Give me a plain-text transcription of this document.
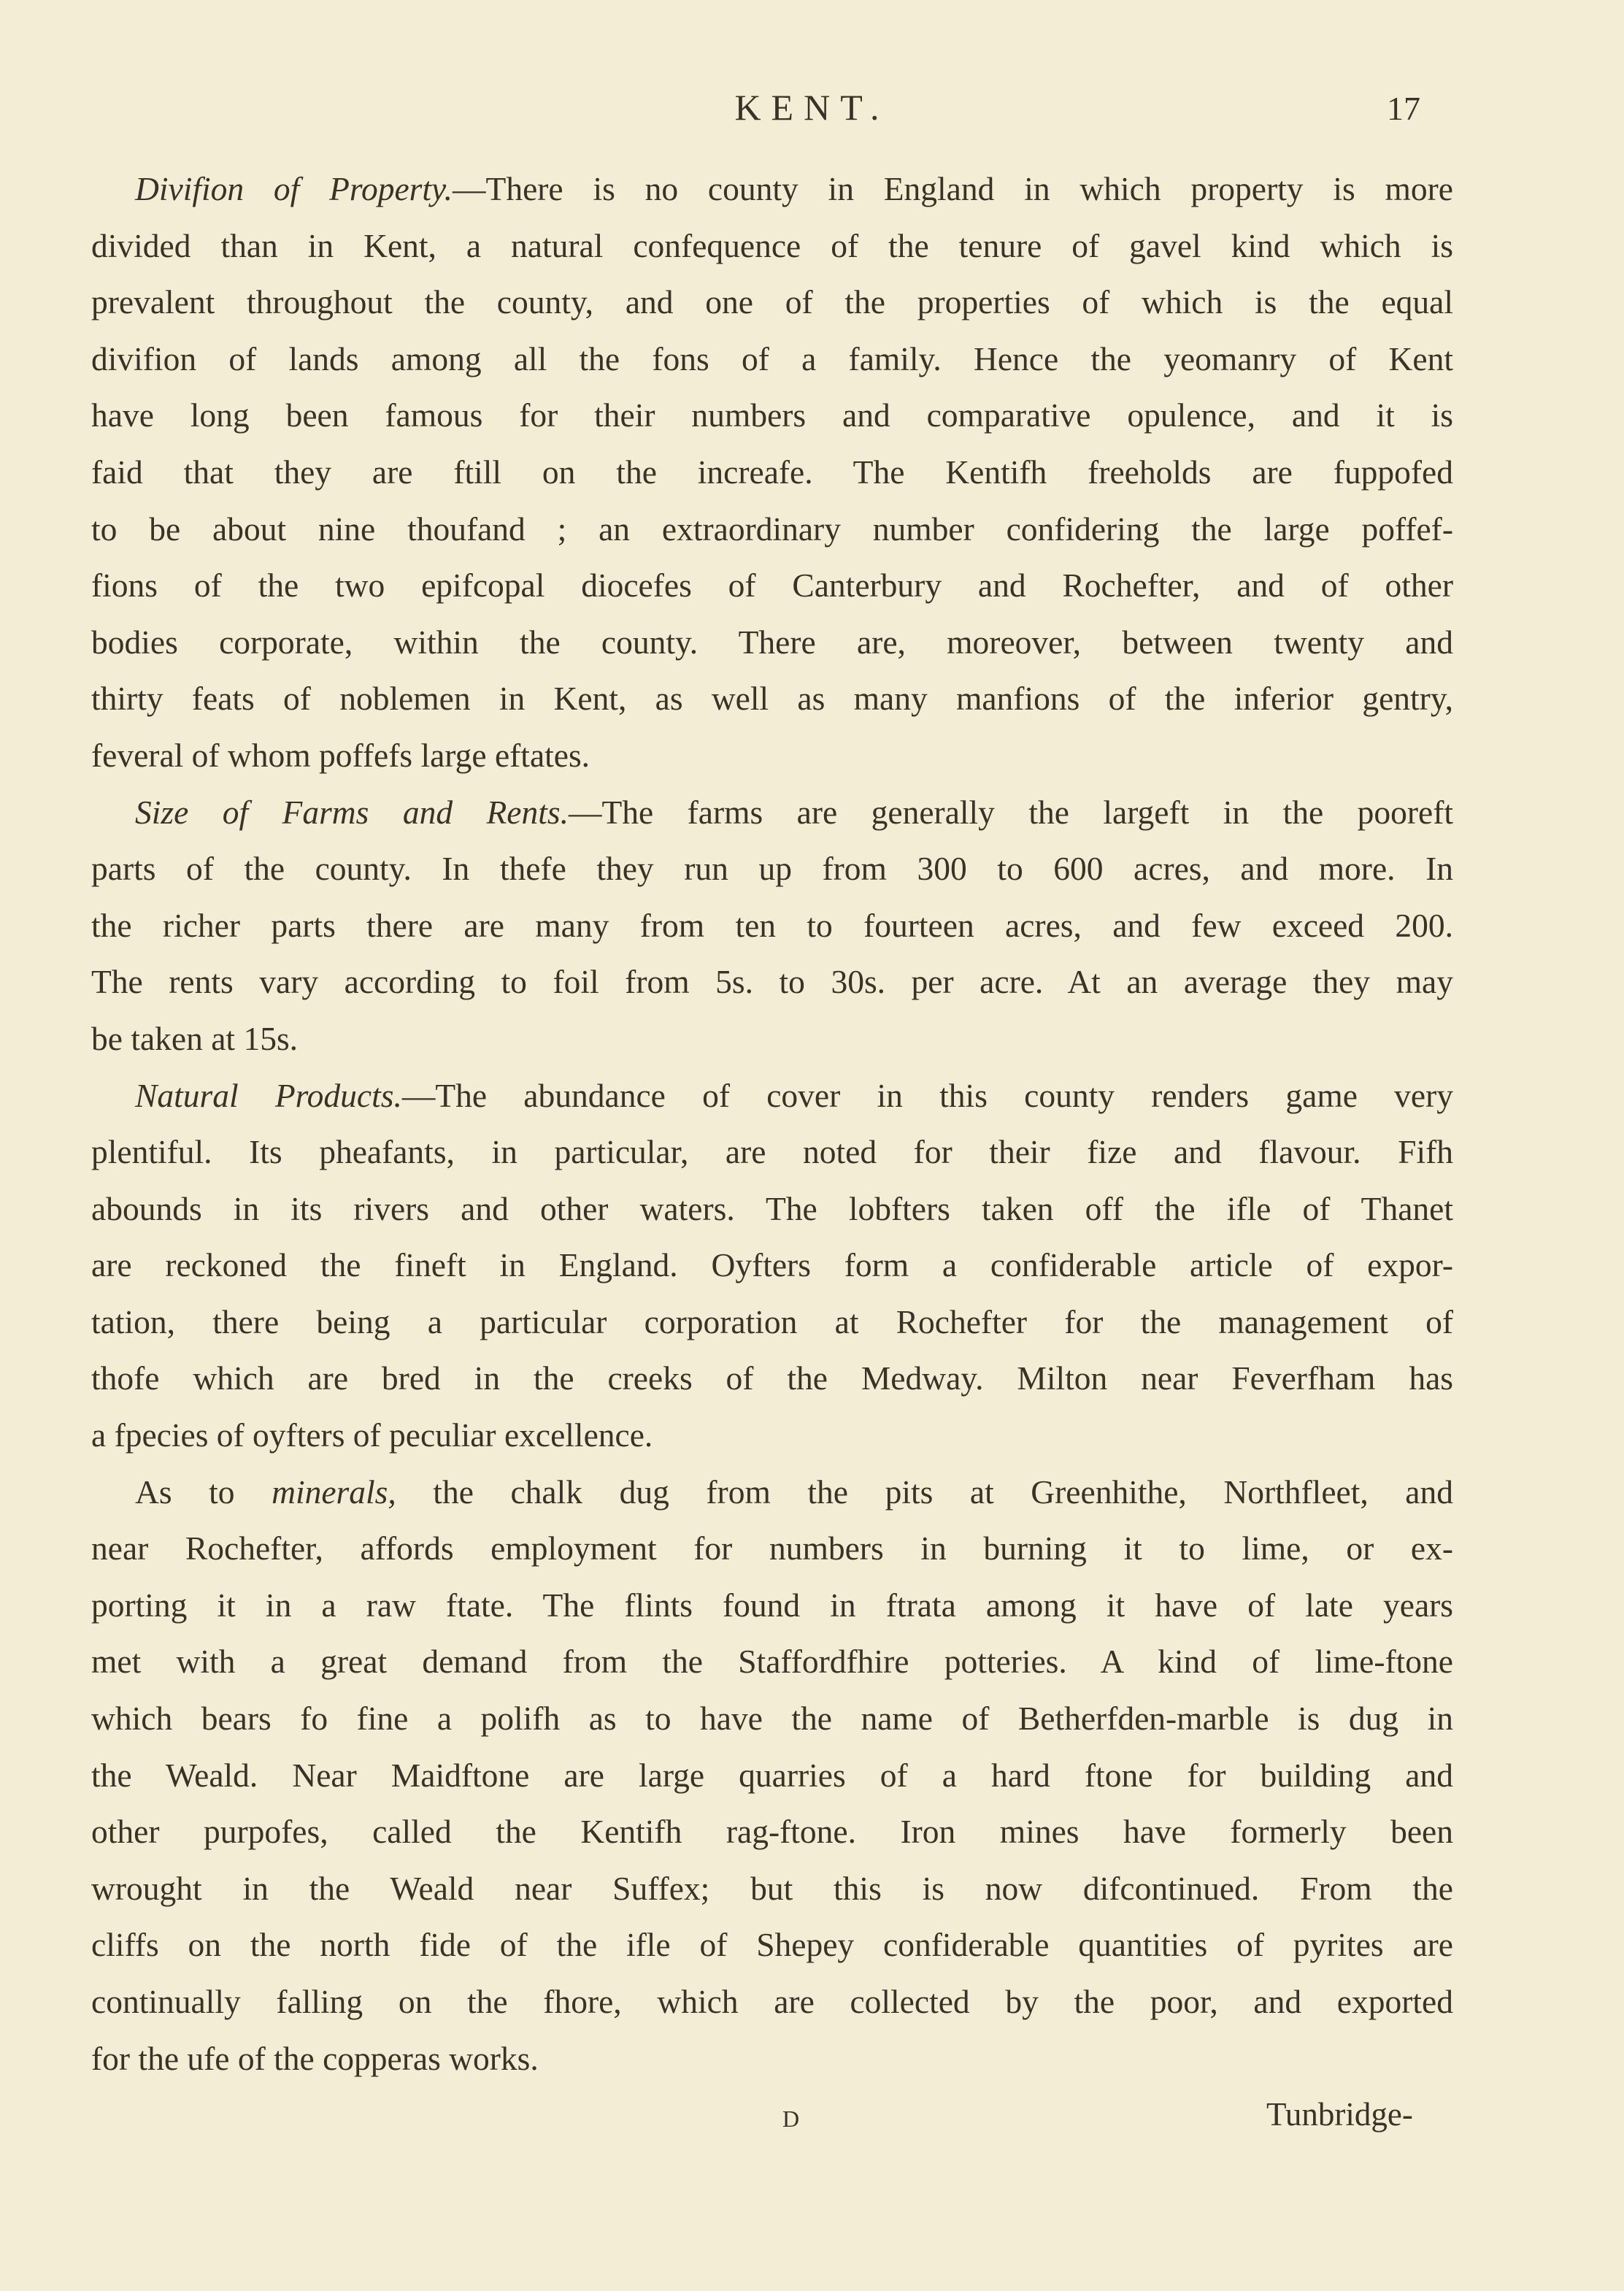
KENT.	17
Divifion of Property.—There is no county in England in which property is more
divided than in Kent, a natural confequence of the tenure of gavel kind which is
prevalent throughout the county, and one of the properties of which is the equal
divifion of lands among all the fons of a family. Hence the yeomanry of Kent
have long been famous for their numbers and comparative opulence, and it is
faid that they are ftill on the increafe. The Kentifh freeholds are fuppofed
to be about nine thoufand ; an extraordinary number confidering the large poffef-
fions of the two epifcopal diocefes of Canterbury and Rochefter, and of other
bodies corporate, within the county. There are, moreover, between twenty and
thirty feats of noblemen in Kent, as well as many manfions of the inferior gentry,
feveral of whom poffefs large eftates.
Size of Farms and Rents.—The farms are generally the largeft in the pooreft
parts of the county. In thefe they run up from 300 to 600 acres, and more. In
the richer parts there are many from ten to fourteen acres, and few exceed 200.
The rents vary according to foil from 5s. to 30s. per acre. At an average they may
be taken at 15s.
Natural Products.—The abundance of cover in this county renders game very
plentiful. Its pheafants, in particular, are noted for their fize and flavour. Fifh
abounds in its rivers and other waters. The lobfters taken off the ifle of Thanet
are reckoned the fineft in England. Oyfters form a confiderable article of expor-
tation, there being a particular corporation at Rochefter for the management of
thofe which are bred in the creeks of the Medway. Milton near Feverfham has
a fpecies of oyfters of peculiar excellence.
As to minerals, the chalk dug from the pits at Greenhithe, Northfleet, and
near Rochefter, affords employment for numbers in burning it to lime, or ex-
porting it in a raw ftate. The flints found in ftrata among it have of late years
met with a great demand from the Staffordfhire potteries. A kind of lime-ftone
which bears fo fine a polifh as to have the name of Betherfden-marble is dug in
the Weald. Near Maidftone are large quarries of a hard ftone for building and
other purpofes, called the Kentifh rag-ftone. Iron mines have formerly been
wrought in the Weald near Suffex; but this is now difcontinued. From the
cliffs on the north fide of the ifle of Shepey confiderable quantities of pyrites are
continually falling on the fhore, which are collected by the poor, and exported
for the ufe of the copperas works.
D	Tunbridge-
